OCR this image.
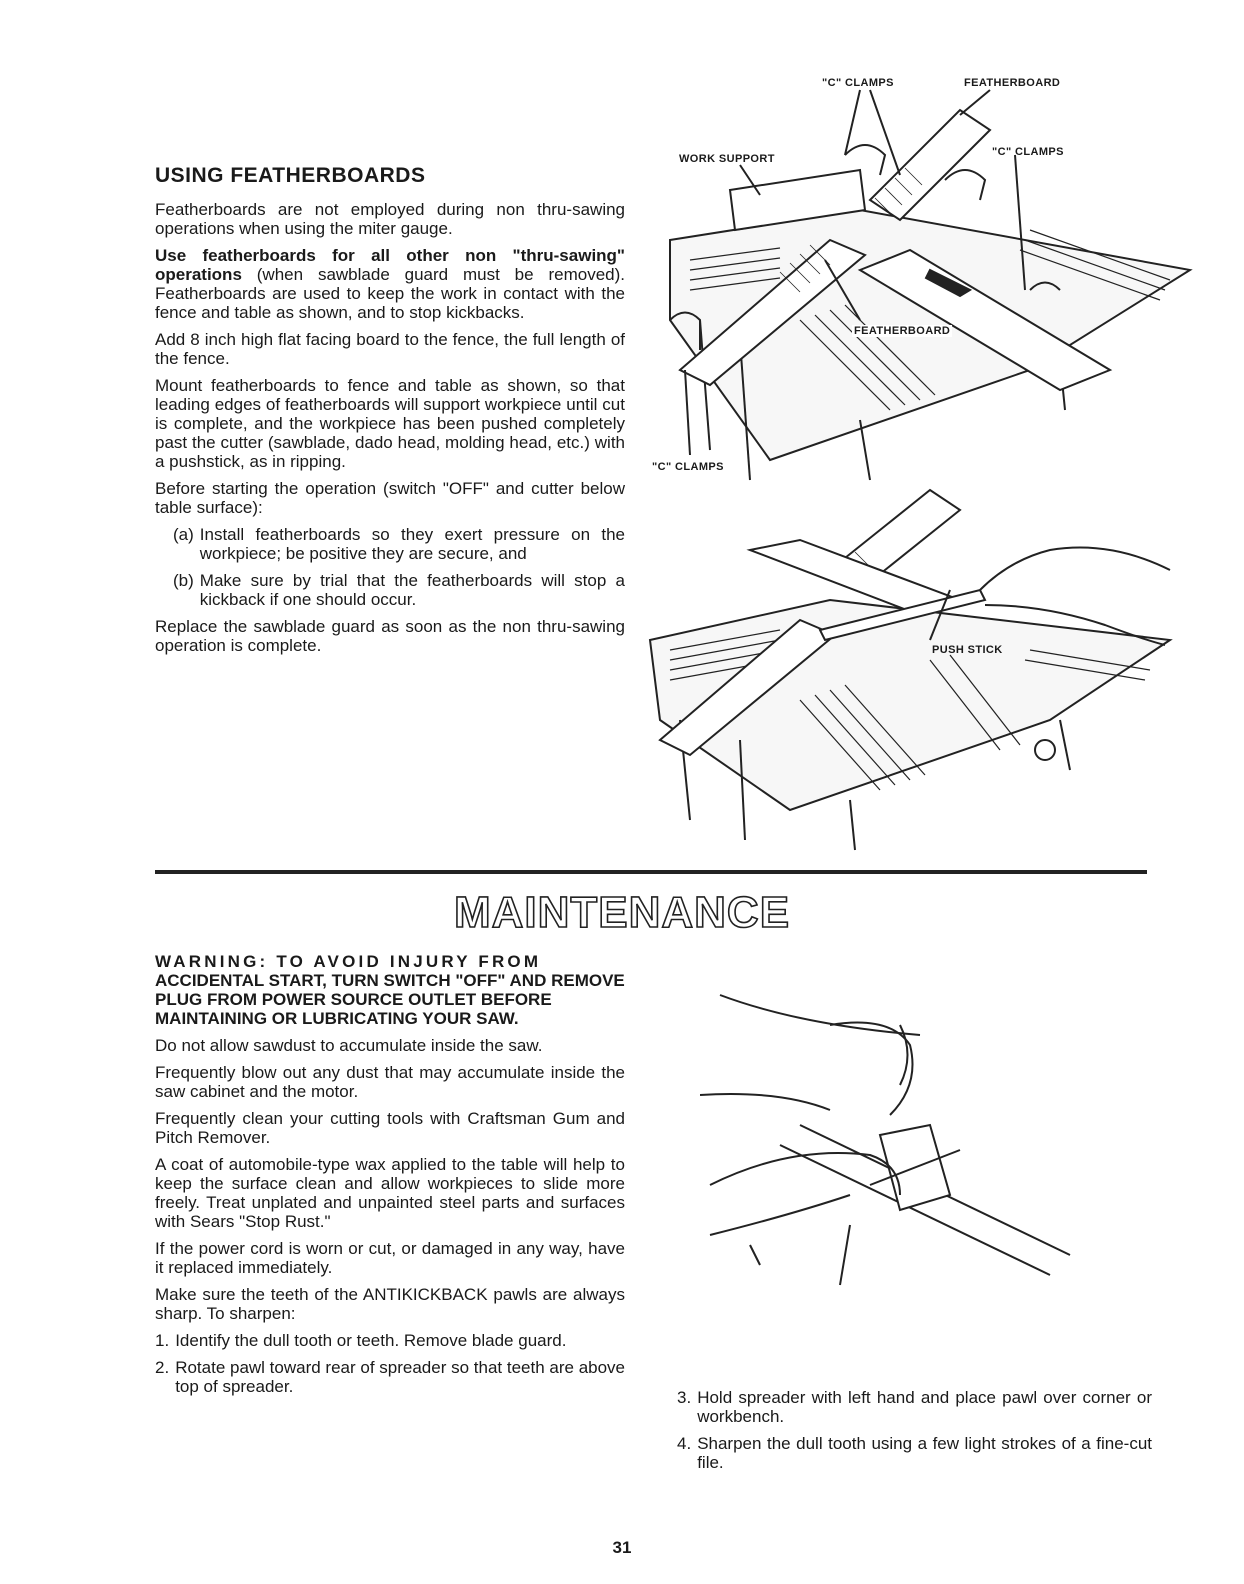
USING FEATHERBOARDS

Featherboards are not employed during non thru-sawing operations when using the miter gauge.

Use featherboards for all other non "thru-sawing" operations (when sawblade guard must be removed). Featherboards are used to keep the work in contact with the fence and table as shown, and to stop kickbacks.

Add 8 inch high flat facing board to the fence, the full length of the fence.

Mount featherboards to fence and table as shown, so that leading edges of featherboards will support workpiece until cut is complete, and the workpiece has been pushed completely past the cutter (sawblade, dado head, molding head, etc.) with a pushstick, as in ripping.

Before starting the operation (switch "OFF" and cutter below table surface):

(a) Install featherboards so they exert pressure on the workpiece; be positive they are secure, and
(b) Make sure by trial that the featherboards will stop a kickback if one should occur.

Replace the sawblade guard as soon as the non thru-sawing operation is complete.

"C" CLAMPS	FEATHERBOARD
WORK SUPPORT
"C" CLAMPS
FEATHERBOARD
"C" CLAMPS
PUSH STICK
MAINTENANCE
WARNING: TO AVOID INJURY FROM
ACCIDENTAL START, TURN SWITCH "OFF" AND REMOVE PLUG FROM POWER SOURCE OUTLET BEFORE MAINTAINING OR LUBRICATING YOUR SAW.

Do not allow sawdust to accumulate inside the saw.

Frequently blow out any dust that may accumulate inside the saw cabinet and the motor.

Frequently clean your cutting tools with Craftsman Gum and Pitch Remover.

A coat of automobile-type wax applied to the table will help to keep the surface clean and allow workpieces to slide more freely. Treat unplated and unpainted steel parts and surfaces with Sears "Stop Rust."

If the power cord is worn or cut, or damaged in any way, have it replaced immediately.

Make sure the teeth of the ANTIKICKBACK pawls are always sharp. To sharpen:

1. Identify the dull tooth or teeth. Remove blade guard.
2. Rotate pawl toward rear of spreader so that teeth are above top of spreader.
3. Hold spreader with left hand and place pawl over corner or workbench.
4. Sharpen the dull tooth using a few light strokes of a fine-cut file.
31
